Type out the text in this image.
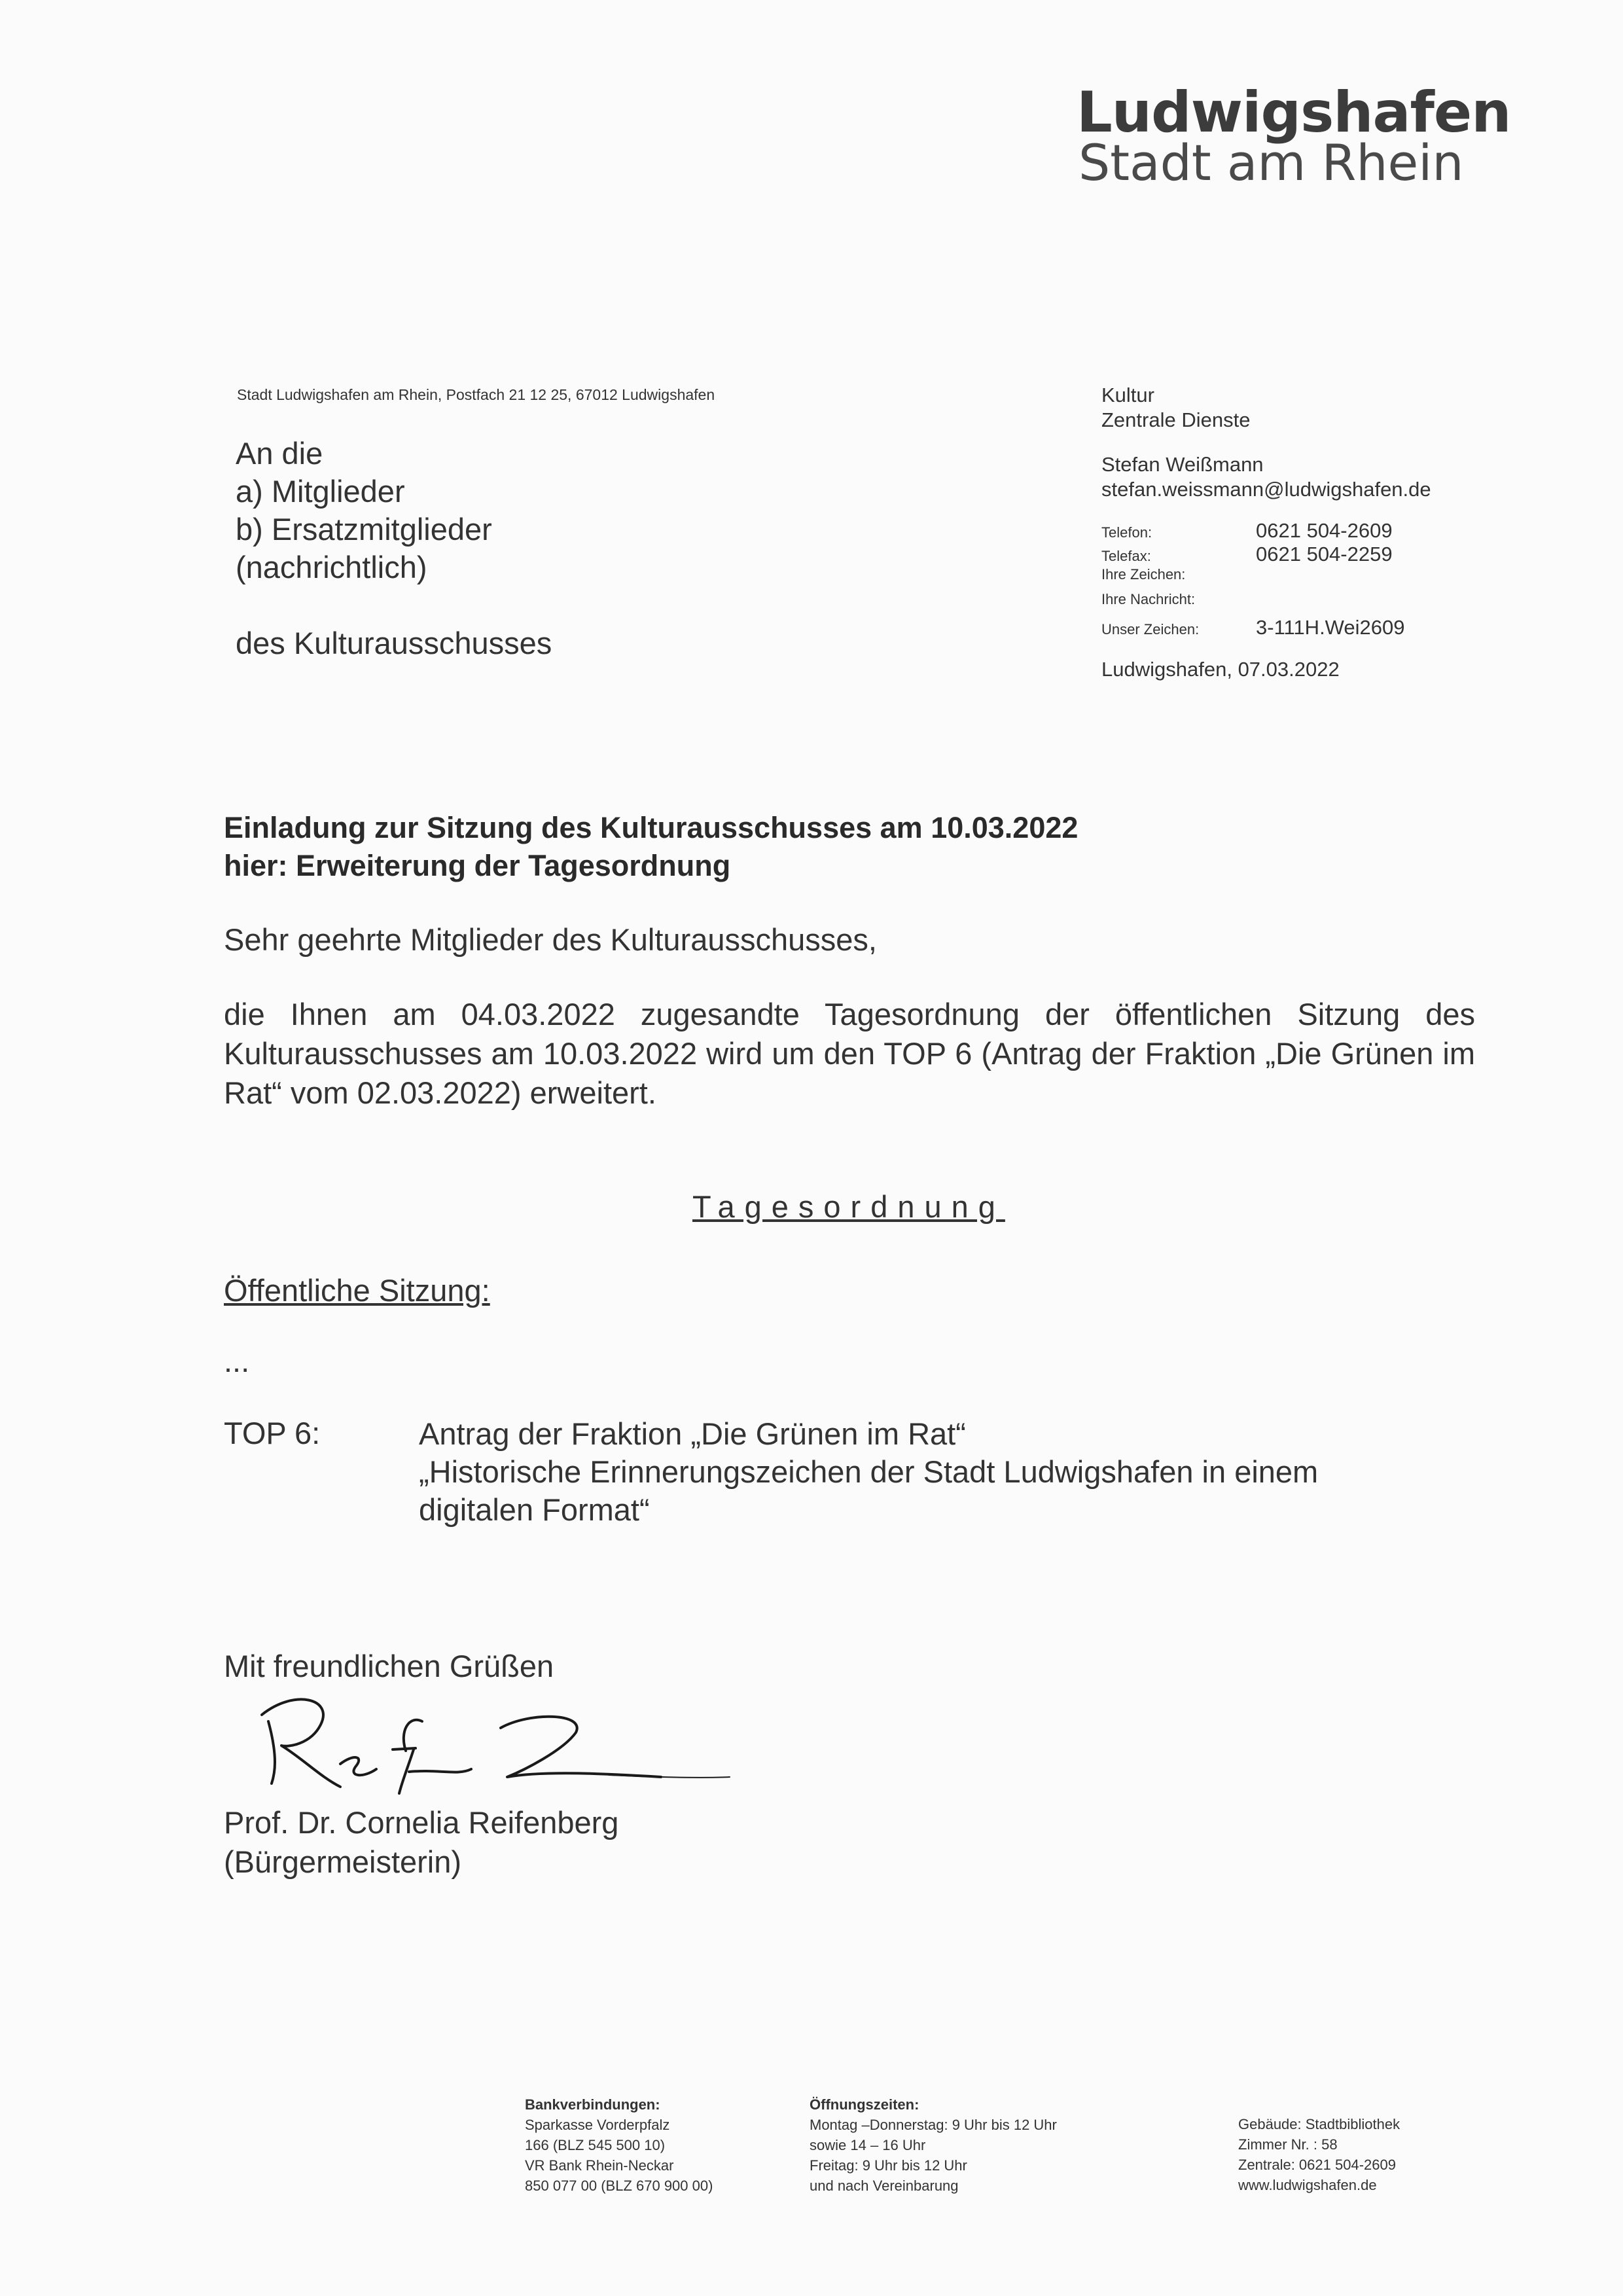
Ludwigshafen
Stadt am Rhein
Stadt Ludwigshafen am Rhein, Postfach 21 12 25, 67012 Ludwigshafen
An die
a) Mitglieder
b) Ersatzmitglieder
(nachrichtlich)
des Kulturausschusses
Kultur
Zentrale Dienste
Stefan Weißmann
stefan.weissmann@ludwigshafen.de
Telefon:	0621 504-2609
Telefax:	0621 504-2259
Ihre Zeichen:	
Ihre Nachricht:	
Unser Zeichen:	3-111H.Wei2609
Ludwigshafen, 07.03.2022
Einladung zur Sitzung des Kulturausschusses am 10.03.2022
hier: Erweiterung der Tagesordnung
Sehr geehrte Mitglieder des Kulturausschusses,
die Ihnen am 04.03.2022 zugesandte Tagesordnung der öffentlichen Sitzung des Kulturausschusses am 10.03.2022 wird um den TOP 6 (Antrag der Fraktion „Die Grünen im Rat“ vom 02.03.2022) erweitert.
Tagesordnung
Öffentliche Sitzung:
...
TOP 6:	Antrag der Fraktion „Die Grünen im Rat“
„Historische Erinnerungszeichen der Stadt Ludwigshafen in einem
digitalen Format“
Mit freundlichen Grüßen
Prof. Dr. Cornelia Reifenberg
(Bürgermeisterin)
Bankverbindungen:
Sparkasse Vorderpfalz
166 (BLZ 545 500 10)
VR Bank Rhein-Neckar
850 077 00 (BLZ 670 900 00)
Öffnungszeiten:
Montag –Donnerstag: 9 Uhr bis 12 Uhr
sowie 14 – 16 Uhr
Freitag: 9 Uhr bis 12 Uhr
und nach Vereinbarung
Gebäude: Stadtbibliothek
Zimmer Nr. : 58
Zentrale: 0621 504-2609
www.ludwigshafen.de
